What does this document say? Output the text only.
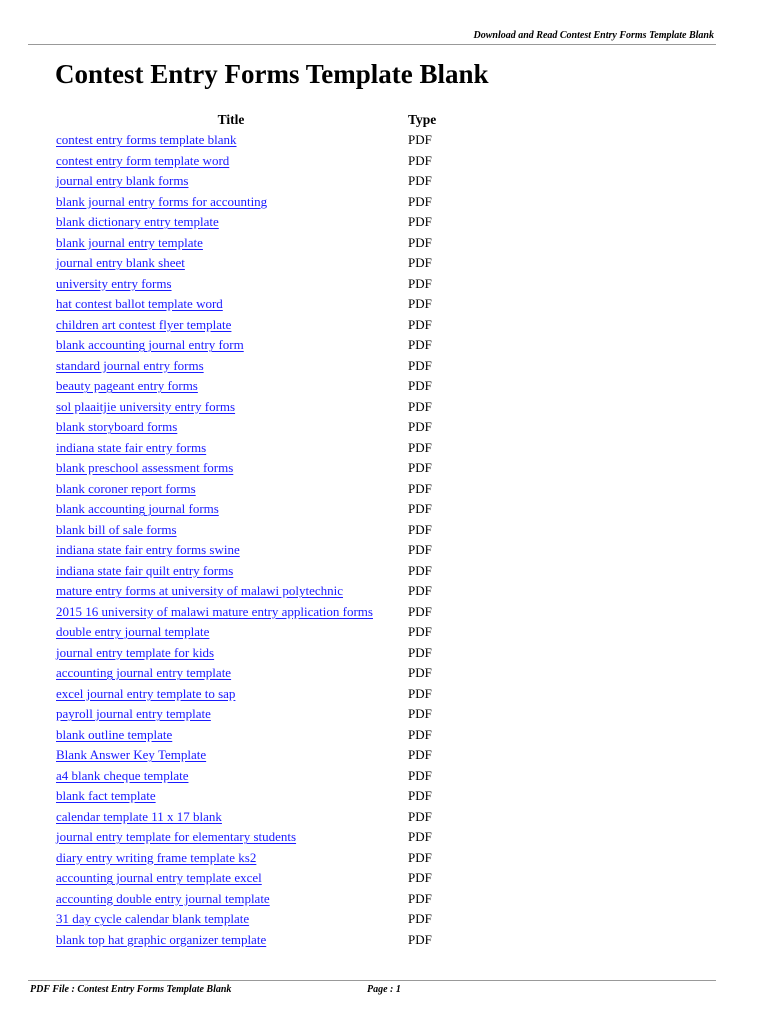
Download and Read Contest Entry Forms Template Blank
Contest Entry Forms Template Blank
Title	Type
contest entry forms template blank	PDF
contest entry form template word	PDF
journal entry blank forms	PDF
blank journal entry forms for accounting	PDF
blank dictionary entry template	PDF
blank journal entry template	PDF
journal entry blank sheet	PDF
university entry forms	PDF
hat contest ballot template word	PDF
children art contest flyer template	PDF
blank accounting journal entry form	PDF
standard journal entry forms	PDF
beauty pageant entry forms	PDF
sol plaaitjie university entry forms	PDF
blank storyboard forms	PDF
indiana state fair entry forms	PDF
blank preschool assessment forms	PDF
blank coroner report forms	PDF
blank accounting journal forms	PDF
blank bill of sale forms	PDF
indiana state fair entry forms swine	PDF
indiana state fair quilt entry forms	PDF
mature entry forms at university of malawi polytechnic	PDF
2015 16 university of malawi mature entry application forms	PDF
double entry journal template	PDF
journal entry template for kids	PDF
accounting journal entry template	PDF
excel journal entry template to sap	PDF
payroll journal entry template	PDF
blank outline template	PDF
Blank Answer Key Template	PDF
a4 blank cheque template	PDF
blank fact template	PDF
calendar template 11 x 17 blank	PDF
journal entry template for elementary students	PDF
diary entry writing frame template ks2	PDF
accounting journal entry template excel	PDF
accounting double entry journal template	PDF
31 day cycle calendar blank template	PDF
blank top hat graphic organizer template	PDF
PDF File : Contest Entry Forms Template Blank	Page : 1
